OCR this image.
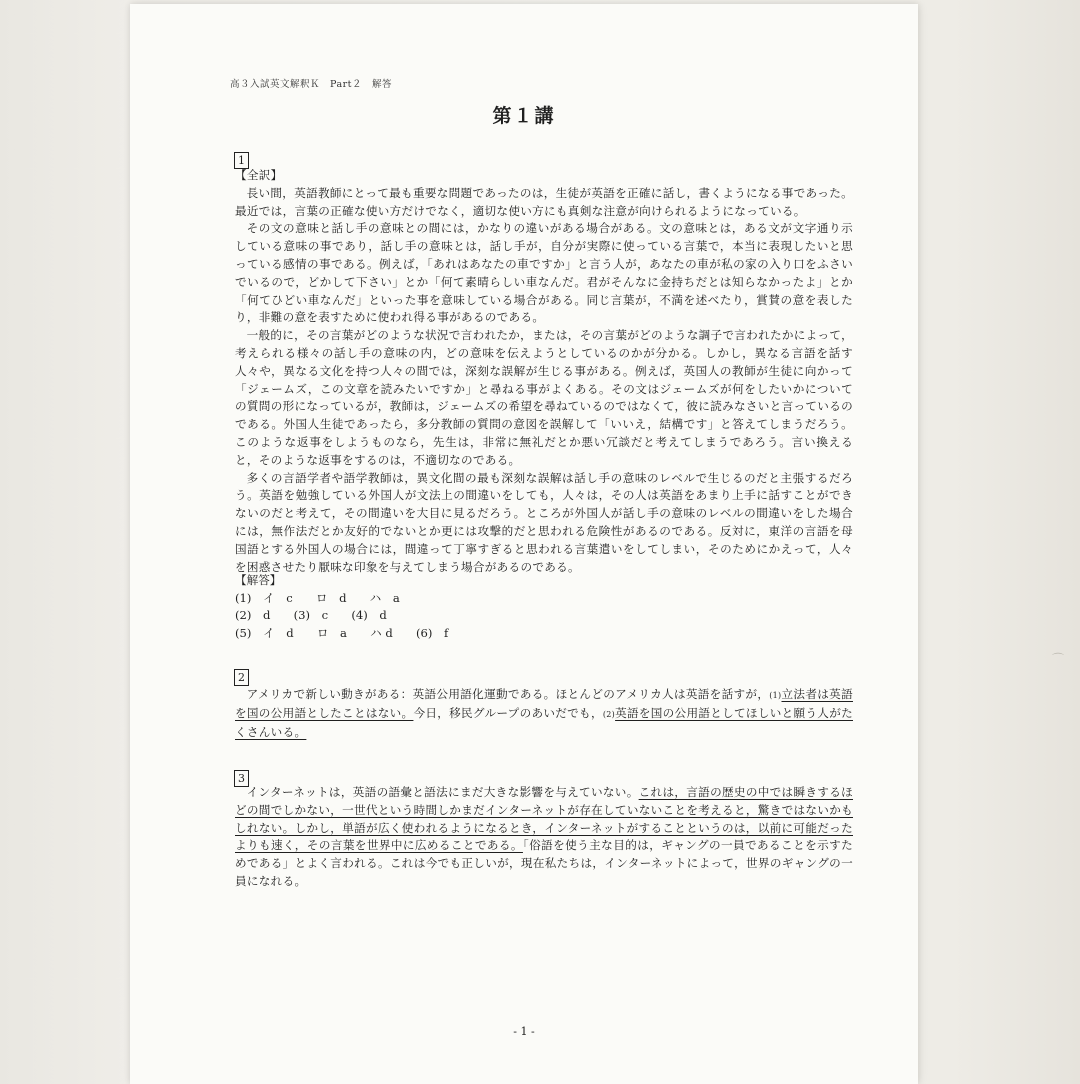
高３入試英文解釈Ｋ　Part２　解答
第１講
1
【全訳】

長い間，英語教師にとって最も重要な問題であったのは，生徒が英語を正確に話し，書くようになる事であった。最近では，言葉の正確な使い方だけでなく，適切な使い方にも真剣な注意が向けられるようになっている。

その文の意味と話し手の意味との間には，かなりの違いがある場合がある。文の意味とは，ある文が文字通り示している意味の事であり，話し手の意味とは，話し手が，自分が実際に使っている言葉で，本当に表現したいと思っている感情の事である。例えば，「あれはあなたの車ですか」と言う人が，あなたの車が私の家の入り口をふさいでいるので，どかして下さい」とか「何て素晴らしい車なんだ。君がそんなに金持ちだとは知らなかったよ」とか「何てひどい車なんだ」といった事を意味している場合がある。同じ言葉が，不満を述べたり，賞賛の意を表したり，非難の意を表すために使われ得る事があるのである。

一般的に，その言葉がどのような状況で言われたか，または，その言葉がどのような調子で言われたかによって，考えられる様々の話し手の意味の内，どの意味を伝えようとしているのかが分かる。しかし，異なる言語を話す人々や，異なる文化を持つ人々の間では，深刻な誤解が生じる事がある。例えば，英国人の教師が生徒に向かって「ジェームズ，この文章を読みたいですか」と尋ねる事がよくある。その文はジェームズが何をしたいかについての質問の形になっているが，教師は，ジェームズの希望を尋ねているのではなくて，彼に読みなさいと言っているのである。外国人生徒であったら，多分教師の質問の意図を誤解して「いいえ，結構です」と答えてしまうだろう。このような返事をしようものなら，先生は，非常に無礼だとか悪い冗談だと考えてしまうであろう。言い換えると，そのような返事をするのは，不適切なのである。

多くの言語学者や語学教師は，異文化間の最も深刻な誤解は話し手の意味のレベルで生じるのだと主張するだろう。英語を勉強している外国人が文法上の間違いをしても，人々は，その人は英語をあまり上手に話すことができないのだと考えて，その間違いを大目に見るだろう。ところが外国人が話し手の意味のレベルの間違いをした場合には，無作法だとか友好的でないとか更には攻撃的だと思われる危険性があるのである。反対に，東洋の言語を母国語とする外国人の場合には，間違って丁寧すぎると思われる言葉遣いをしてしまい，そのためにかえって，人々を困惑させたり厭味な印象を与えてしまう場合があるのである。

【解答】
(1)　イ　c　　ロ　d　　ハ　a
(2)　d　　(3)　c　　(4)　d
(5)　イ　d　　ロ　a　　ハ d　　(6)　f
2

アメリカで新しい動きがある：英語公用語化運動である。ほとんどのアメリカ人は英語を話すが，(1)立法者は英語を国の公用語としたことはない。今日，移民グループのあいだでも，(2)英語を国の公用語としてほしいと願う人がたくさんいる。

3

インターネットは，英語の語彙と語法にまだ大きな影響を与えていない。これは，言語の歴史の中では瞬きするほどの間でしかない，一世代という時間しかまだインターネットが存在していないことを考えると，驚きではないかもしれない。しかし，単語が広く使われるようになるとき，インターネットがすることというのは，以前に可能だったよりも速く，その言葉を世界中に広めることである。「俗語を使う主な目的は，ギャングの一員であることを示すためである」とよく言われる。これは今でも正しいが，現在私たちは，インターネットによって，世界のギャングの一員になれる。

- 1 -
⌒
